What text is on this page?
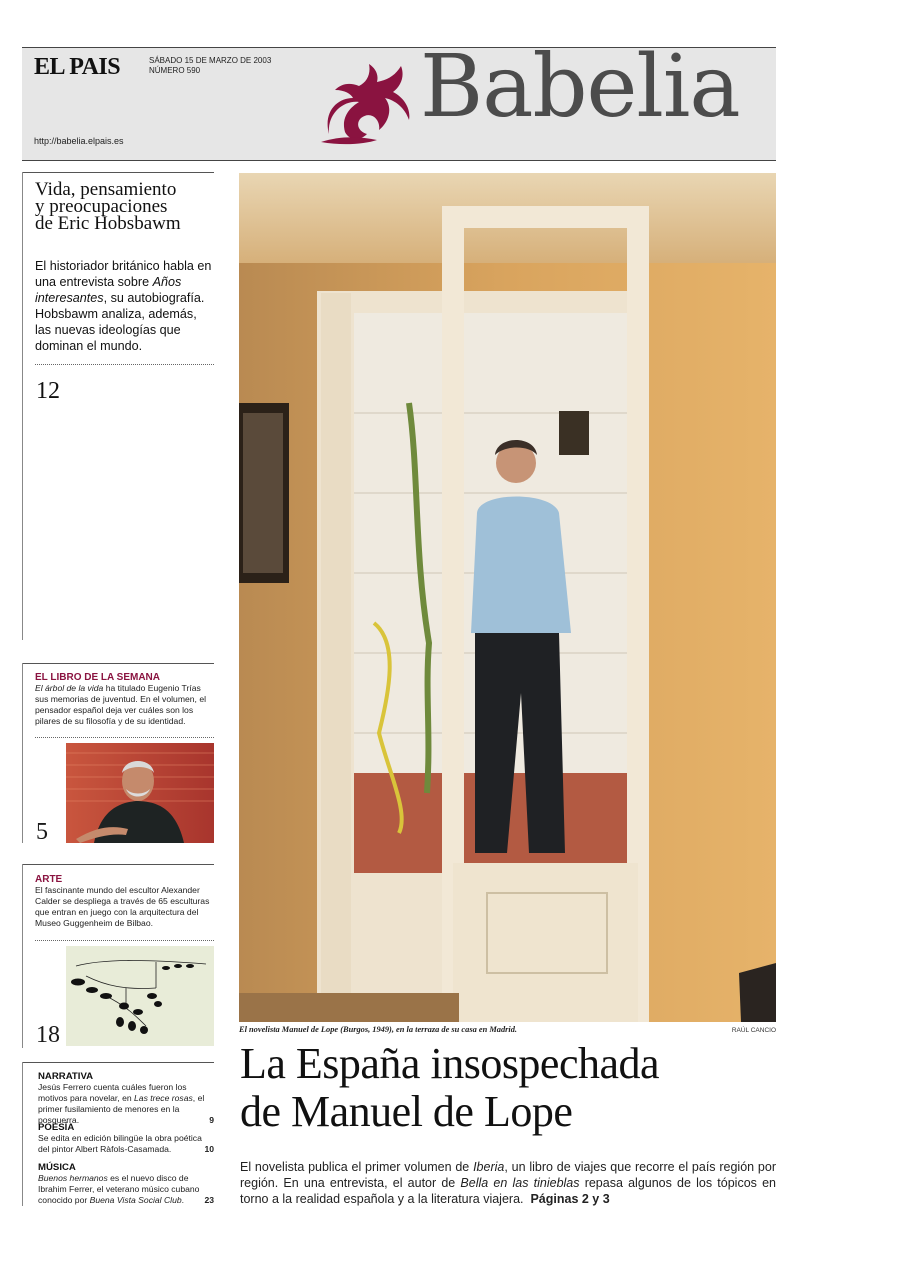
EL PAIS	SÁBADO 15 DE MARZO DE 2003
NÚMERO 590
http://babelia.elpais.es
Babelia
Vida, pensamiento
y preocupaciones
de Eric Hobsbawm
El historiador británico habla en una entrevista sobre Años interesantes, su autobiografía. Hobsbawm analiza, además, las nuevas ideologías que dominan el mundo.
12
EL LIBRO DE LA SEMANA
El árbol de la vida ha titulado Eugenio Trías sus memorias de juventud. En el volumen, el pensador español deja ver cuáles son los pilares de su filosofía y de su identidad.
5
ARTE
El fascinante mundo del escultor Alexander Calder se despliega a través de 65 esculturas que entran en juego con la arquitectura del Museo Guggenheim de Bilbao.
18
NARRATIVA
Jesús Ferrero cuenta cuáles fueron los motivos para novelar, en Las trece rosas, el primer fusilamiento de menores en la posguerra.	9
POESÍA
Se edita en edición bilingüe la obra poética del pintor Albert Ràfols-Casamada.	10
MÚSICA
Buenos hermanos es el nuevo disco de Ibrahim Ferrer, el veterano músico cubano conocido por Buena Vista Social Club. 23
El novelista Manuel de Lope (Burgos, 1949), en la terraza de su casa en Madrid.	RAÚL CANCIO
La España insospechada
de Manuel de Lope
El novelista publica el primer volumen de Iberia, un libro de viajes que recorre el país región por región. En una entrevista, el autor de Bella en las tinieblas repasa algunos de los tópicos en torno a la realidad española y a la literatura viajera. Páginas 2 y 3
